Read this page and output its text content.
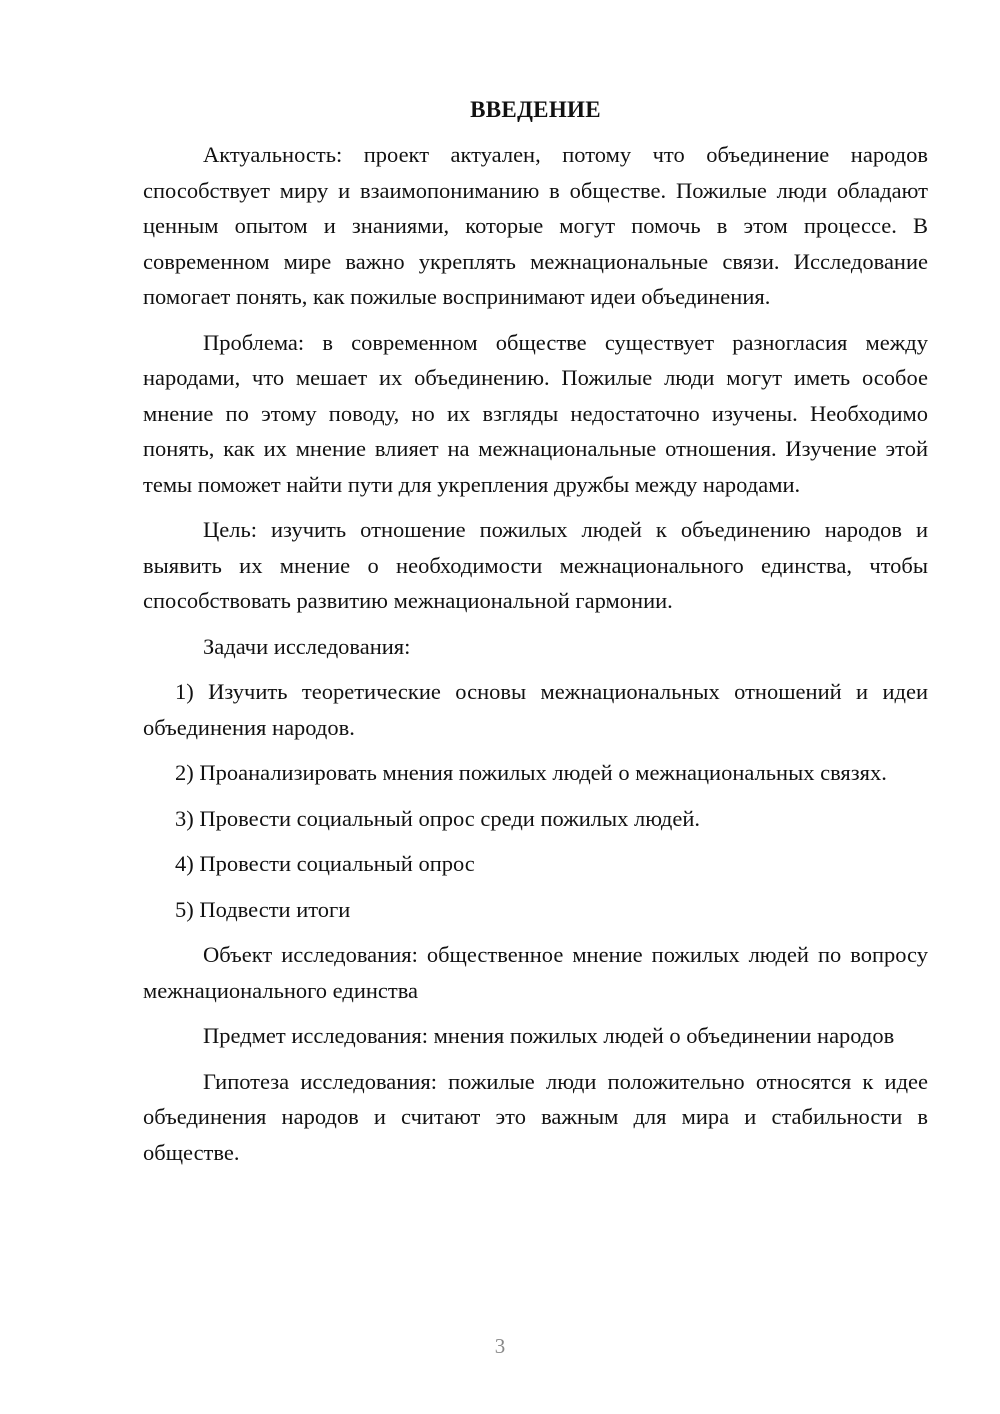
ВВЕДЕНИЕ

Актуальность: проект актуален, потому что объединение народов способствует миру и взаимопониманию в обществе. Пожилые люди обладают ценным опытом и знаниями, которые могут помочь в этом процессе. В современном мире важно укреплять межнациональные связи. Исследование помогает понять, как пожилые воспринимают идеи объединения.

Проблема: в современном обществе существует разногласия между народами, что мешает их объединению. Пожилые люди могут иметь особое мнение по этому поводу, но их взгляды недостаточно изучены. Необходимо понять, как их мнение влияет на межнациональные отношения. Изучение этой темы поможет найти пути для укрепления дружбы между народами.

Цель: изучить отношение пожилых людей к объединению народов и выявить их мнение о необходимости межнационального единства, чтобы способствовать развитию межнациональной гармонии.

Задачи исследования:

1) Изучить теоретические основы межнациональных отношений и идеи объединения народов.

2) Проанализировать мнения пожилых людей о межнациональных связях.

3) Провести социальный опрос среди пожилых людей.

4) Провести социальный опрос

5) Подвести итоги

Объект исследования: общественное мнение пожилых людей по вопросу межнационального единства

Предмет исследования: мнения пожилых людей о объединении народов

Гипотеза исследования: пожилые люди положительно относятся к идее объединения народов и считают это важным для мира и стабильности в обществе.

3
